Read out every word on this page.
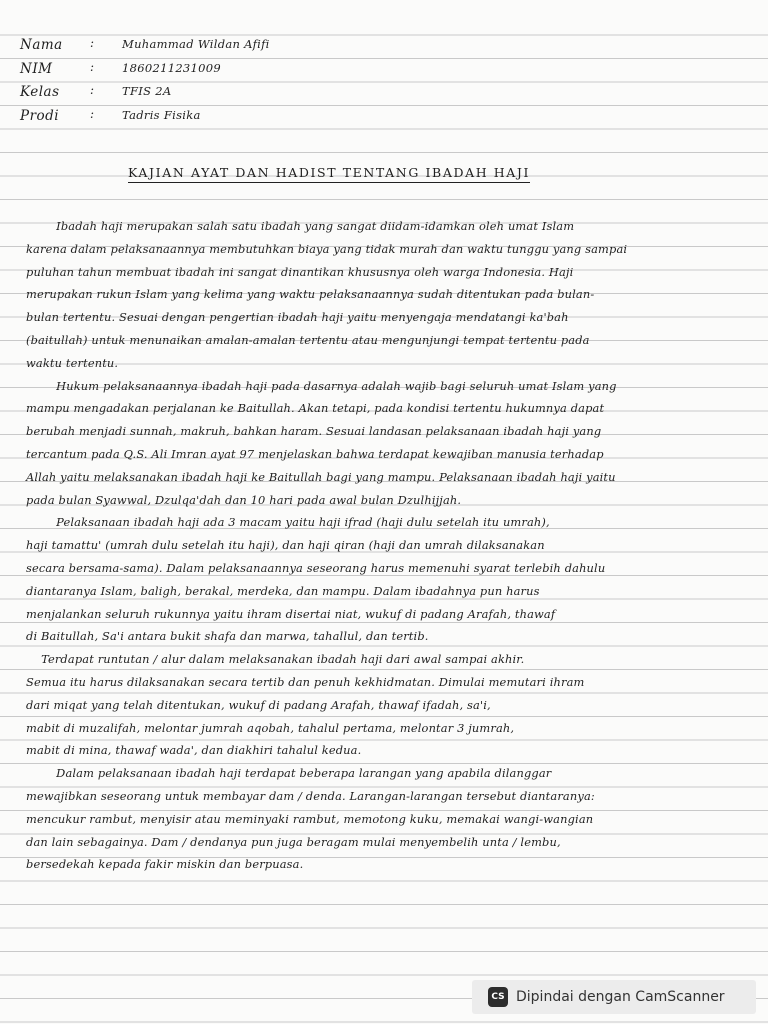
Nama : Muhammad Wildan Afifi
NIM	: 1860211231009
Kelas	: TFIS 2A
Prodi	: Tadris Fisika
KAJIAN AYAT DAN HADIST TENTANG IBADAH HAJI
Ibadah haji merupakan salah satu ibadah yang sangat diidam-idamkan oleh umat Islam
karena dalam pelaksanaannya membutuhkan biaya yang tidak murah dan waktu tunggu yang sampai
puluhan tahun membuat ibadah ini sangat dinantikan khususnya oleh warga Indonesia. Haji
merupakan rukun Islam yang kelima yang waktu pelaksanaannya sudah ditentukan pada bulan-
bulan tertentu. Sesuai dengan pengertian ibadah haji yaitu menyengaja mendatangi ka'bah
(baitullah) untuk menunaikan amalan-amalan tertentu atau mengunjungi tempat tertentu pada
waktu tertentu.
Hukum pelaksanaannya ibadah haji pada dasarnya adalah wajib bagi seluruh umat Islam yang
mampu mengadakan perjalanan ke Baitullah. Akan tetapi, pada kondisi tertentu hukumnya dapat
berubah menjadi sunnah, makruh, bahkan haram. Sesuai landasan pelaksanaan ibadah haji yang
tercantum pada Q.S. Ali Imran ayat 97 menjelaskan bahwa terdapat kewajiban manusia terhadap
Allah yaitu melaksanakan ibadah haji ke Baitullah bagi yang mampu. Pelaksanaan ibadah haji yaitu
pada bulan Syawwal, Dzulqa'dah dan 10 hari pada awal bulan Dzulhijjah.
Pelaksanaan ibadah haji ada 3 macam yaitu haji ifrad (haji dulu setelah itu umrah),
haji tamattu' (umrah dulu setelah itu haji), dan haji qiran (haji dan umrah dilaksanakan
secara bersama-sama). Dalam pelaksanaannya seseorang harus memenuhi syarat terlebih dahulu
diantaranya Islam, baligh, berakal, merdeka, dan mampu. Dalam ibadahnya pun harus
menjalankan seluruh rukunnya yaitu ihram disertai niat, wukuf di padang Arafah, thawaf
di Baitullah, Sa'i antara bukit shafa dan marwa, tahallul, dan tertib.
Terdapat runtutan / alur dalam melaksanakan ibadah haji dari awal sampai akhir.
Semua itu harus dilaksanakan secara tertib dan penuh kekhidmatan. Dimulai memutari ihram
dari miqat yang telah ditentukan, wukuf di padang Arafah, thawaf ifadah, sa'i,
mabit di muzalifah, melontar jumrah aqobah, tahalul pertama, melontar 3 jumrah,
mabit di mina, thawaf wada', dan diakhiri tahalul kedua.
Dalam pelaksanaan ibadah haji terdapat beberapa larangan yang apabila dilanggar
mewajibkan seseorang untuk membayar dam / denda. Larangan-larangan tersebut diantaranya:
mencukur rambut, menyisir atau meminyaki rambut, memotong kuku, memakai wangi-wangian
dan lain sebagainya. Dam / dendanya pun juga beragam mulai menyembelih unta / lembu,
bersedekah kepada fakir miskin dan berpuasa.
CS Dipindai dengan CamScanner
